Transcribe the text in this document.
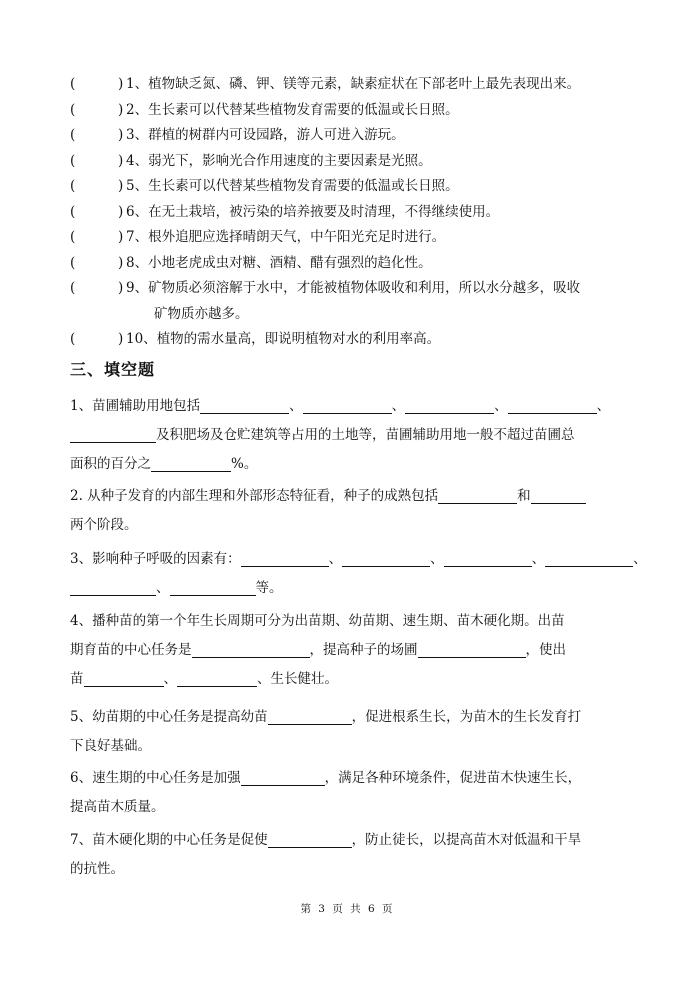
(	) 1、植物缺乏氮、磷、钾、镁等元素，缺素症状在下部老叶上最先表现出来。
(	) 2、生长素可以代替某些植物发育需要的低温或长日照。
(	) 3、群植的树群内可设园路，游人可进入游玩。
(	) 4、弱光下，影响光合作用速度的主要因素是光照。
(	) 5、生长素可以代替某些植物发育需要的低温或长日照。
(	) 6、在无土栽培，被污染的培养掖要及时清理，不得继续使用。
(	) 7、根外追肥应选择晴朗天气，中午阳光充足时进行。
(	) 8、小地老虎成虫对糖、酒精、醋有强烈的趋化性。
(	) 9、矿物质必须溶解于水中，才能被植物体吸收和利用，所以水分越多，吸收
矿物质亦越多。
(	) 10、植物的需水量高，即说明植物对水的利用率高。
三、填空题
1、苗圃辅助用地包括	、	、	、	、
及积肥场及仓贮建筑等占用的土地等，苗圃辅助用地一般不超过苗圃总
面积的百分之	%。
2. 从种子发育的内部生理和外部形态特征看，种子的成熟包括	和
两个阶段。
3、影响种子呼吸的因素有：	、	、	、	、
、	等。
4、播种苗的第一个年生长周期可分为出苗期、幼苗期、速生期、苗木硬化期。出苗
期育苗的中心任务是	，提高种子的场圃	，使出
苗	、	、生长健壮。
5、幼苗期的中心任务是提高幼苗	，促进根系生长，为苗木的生长发育打
下良好基础。
6、速生期的中心任务是加强	，满足各种环境条件，促进苗木快速生长，
提高苗木质量。
7、苗木硬化期的中心任务是促使	，防止徒长，以提高苗木对低温和干旱
的抗性。
第 3 页 共 6 页
